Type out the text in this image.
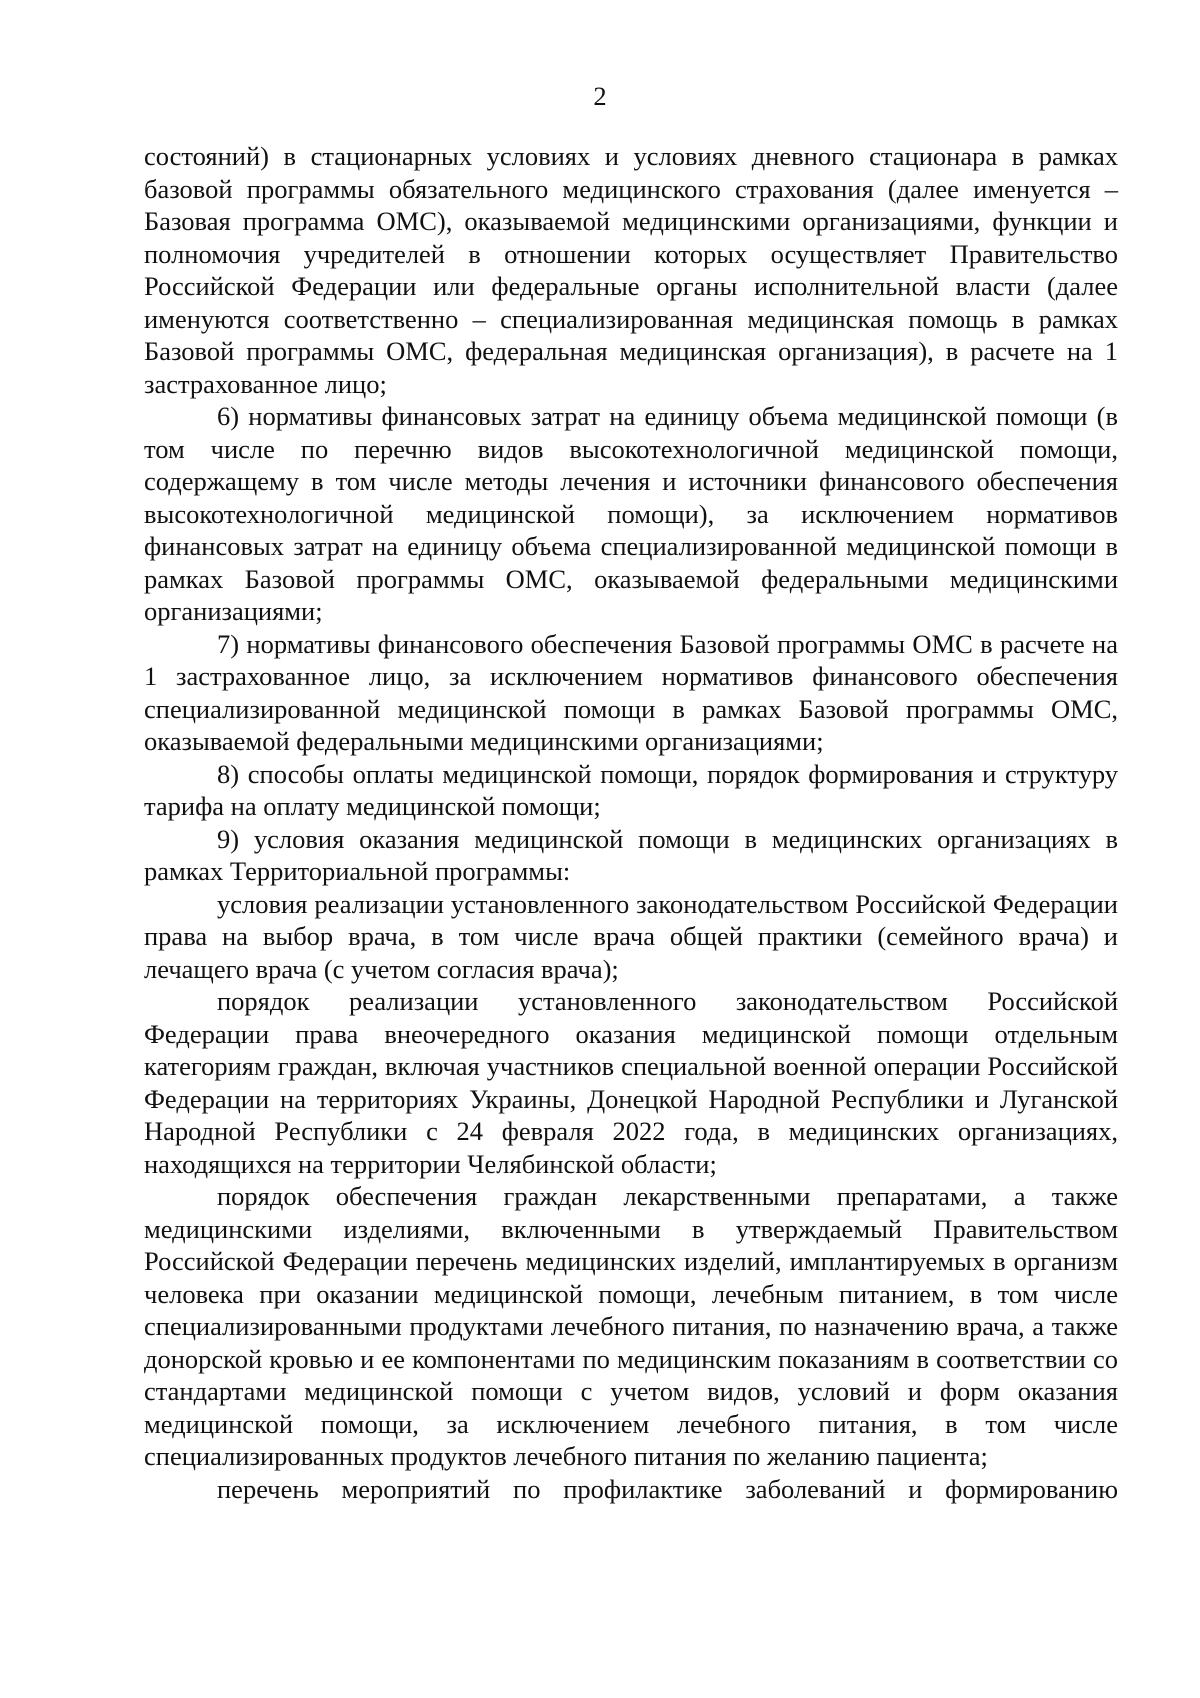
2

состояний) в стационарных условиях и условиях дневного стационара в рамках базовой программы обязательного медицинского страхования (далее именуется – Базовая программа ОМС), оказываемой медицинскими организациями, функции и полномочия учредителей в отношении которых осуществляет Правительство Российской Федерации или федеральные органы исполнительной власти (далее именуются соответственно – специализированная медицинская помощь в рамках Базовой программы ОМС, федеральная медицинская организация), в расчете на 1 застрахованное лицо;

6) нормативы финансовых затрат на единицу объема медицинской помощи (в том числе по перечню видов высокотехнологичной медицинской помощи, содержащему в том числе методы лечения и источники финансового обеспечения высокотехнологичной медицинской помощи), за исключением нормативов финансовых затрат на единицу объема специализированной медицинской помощи в рамках Базовой программы ОМС, оказываемой федеральными медицинскими организациями;

7) нормативы финансового обеспечения Базовой программы ОМС в расчете на 1 застрахованное лицо, за исключением нормативов финансового обеспечения специализированной медицинской помощи в рамках Базовой программы ОМС, оказываемой федеральными медицинскими организациями;

8) способы оплаты медицинской помощи, порядок формирования и структуру тарифа на оплату медицинской помощи;

9) условия оказания медицинской помощи в медицинских организациях в рамках Территориальной программы:

условия реализации установленного законодательством Российской Федерации права на выбор врача, в том числе врача общей практики (семейного врача) и лечащего врача (с учетом согласия врача);

порядок реализации установленного законодательством Российской Федерации права внеочередного оказания медицинской помощи отдельным категориям граждан, включая участников специальной военной операции Российской Федерации на территориях Украины, Донецкой Народной Республики и Луганской Народной Республики с 24 февраля 2022 года, в медицинских организациях, находящихся на территории Челябинской области;

порядок обеспечения граждан лекарственными препаратами, а также медицинскими изделиями, включенными в утверждаемый Правительством Российской Федерации перечень медицинских изделий, имплантируемых в организм человека при оказании медицинской помощи, лечебным питанием, в том числе специализированными продуктами лечебного питания, по назначению врача, а также донорской кровью и ее компонентами по медицинским показаниям в соответствии со стандартами медицинской помощи с учетом видов, условий и форм оказания медицинской помощи, за исключением лечебного питания, в том числе специализированных продуктов лечебного питания по желанию пациента;

перечень мероприятий по профилактике заболеваний и формированию
